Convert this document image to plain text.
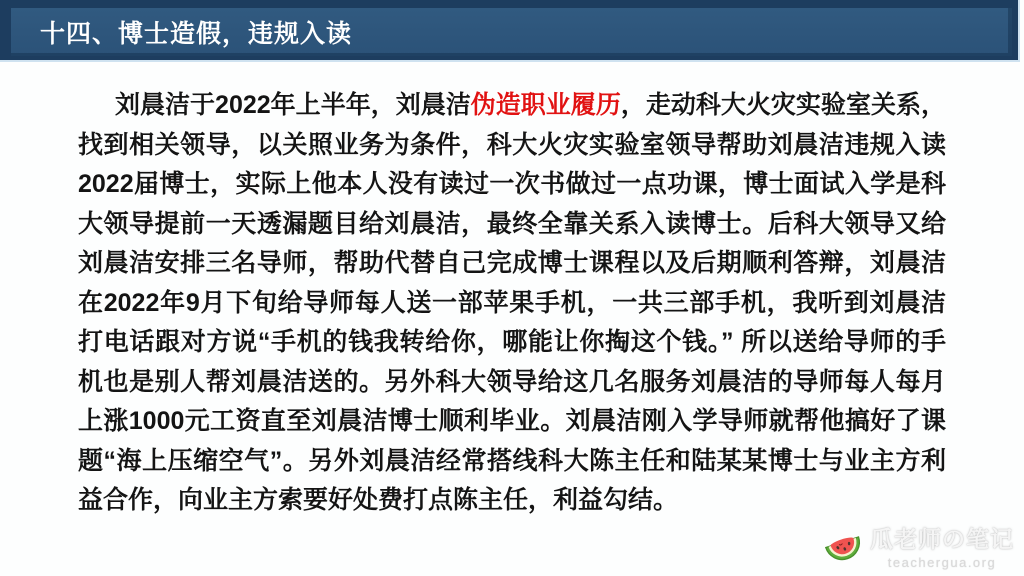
十四、博士造假，违规入读

刘晨洁于2022年上半年，刘晨洁伪造职业履历，走动科大火灾实验室关系，找到相关领导，以关照业务为条件，科大火灾实验室领导帮助刘晨洁违规入读2022届博士，实际上他本人没有读过一次书做过一点功课，博士面试入学是科大领导提前一天透漏题目给刘晨洁，最终全靠关系入读博士。后科大领导又给刘晨洁安排三名导师，帮助代替自己完成博士课程以及后期顺利答辩，刘晨洁在2022年9月下旬给导师每人送一部苹果手机，一共三部手机，我听到刘晨洁打电话跟对方说“手机的钱我转给你，哪能让你掏这个钱。” 所以送给导师的手机也是别人帮刘晨洁送的。另外科大领导给这几名服务刘晨洁的导师每人每月上涨1000元工资直至刘晨洁博士顺利毕业。刘晨洁刚入学导师就帮他搞好了课题“海上压缩空气”。另外刘晨洁经常搭线科大陈主任和陆某某博士与业主方利益合作，向业主方索要好处费打点陈主任，利益勾结。

瓜老师の笔记
teachergua.org
